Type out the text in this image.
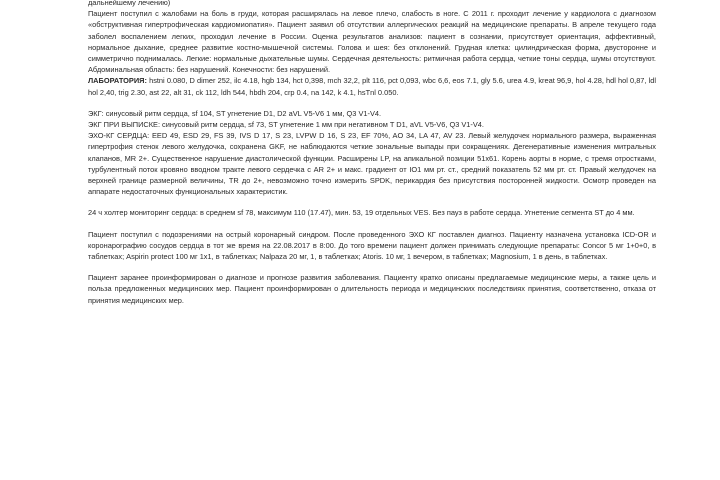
дальнейшему лечению)

Пациент поступил с жалобами на боль в груди, которая расширялась на левое плечо, слабость в ноге. С 2011 г. проходит лечение у кардиолога с диагнозом «обструктивная гипертрофическая кардиомиопатия». Пациент заявил об отсутствии аллергических реакций на медицинские препараты. В апреле текущего года заболел воспалением легких, проходил лечение в России. Оценка результатов анализов: пациент в сознании, присутствует ориентация, аффективный, нормальное дыхание, среднее развитие костно-мышечной системы. Голова и шея: без отклонений. Грудная клетка: цилиндрическая форма, двусторонне и симметрично поднималась. Легкие: нормальные дыхательные шумы. Сердечная деятельность: ритмичная работа сердца, четкие тоны сердца, шумы отсутствуют. Абдоминальная область: без нарушений. Конечности: без нарушений.

ЛАБОРАТОРИЯ: hstni 0.080, D dimer 252, ilc 4.18, hgb 134, hct 0,398, mch 32,2, plt 116, pct 0,093, wbc 6,6, eos 7.1, gly 5.6, urea 4.9, kreat 96,9, hol 4.28, hdl hol 0,87, ldl hol 2,40, trig 2.30, ast 22, alt 31, ck 112, ldh 544, hbdh 204, crp 0.4, na 142, k 4.1, hsTnl 0.050.

ЭКГ: синусовый ритм сердца, sf 104, ST угнетение D1, D2 aVL V5-V6 1 мм, Q3 V1-V4.

ЭКГ ПРИ ВЫПИСКЕ: синусовый ритм сердца, sf 73, ST угнетение 1 мм при негативном T D1, aVL V5-V6, Q3 V1-V4.

ЭХО-КГ СЕРДЦА: EED 49, ESD 29, FS 39, IVS D 17, S 23, LVPW D 16, S 23, EF 70%, AO 34, LA 47, AV 23. Левый желудочек нормального размера, выраженная гипертрофия стенок левого желудочка, сохранена GKF, не наблюдаются четкие зональные выпады при сокращениях. Дегенеративные изменения митральных клапанов, MR 2+. Существенное нарушение диастолической функции. Расширены LP, на апикальной позиции 51x61. Корень аорты в норме, с тремя отростками, турбулентный поток кровяно вводном тракте левого сердечка с AR 2+ и макс. градиент от IO1 мм рт. ст., средний показатель 52 мм рт. ст. Правый желудочек на верхней границе размерной величины, TR до 2+, невозможно точно измерить SPDK, перикардия без присутствия посторонней жидкости. Осмотр проведен на аппарате недостаточных функциональных характеристик.

24 ч холтер мониторинг сердца: в среднем sf 78, максимум 110 (17.47), мин. 53, 19 отдельных VES. Без пауз в работе сердца. Угнетение сегмента ST до 4 мм.

Пациент поступил с подозрениями на острый коронарный синдром. После проведенного ЭХО КГ поставлен диагноз. Пациенту назначена установка ICD-OR и коронарографию сосудов сердца в тот же время на 22.08.2017 в 8:00. До того времени пациент должен принимать следующие препараты: Concor 5 мг 1+0+0, в таблетках; Aspirin protect 100 мг 1x1, в таблетках; Nalpaza 20 мг, 1, в таблетках; Atoris. 10 мг, 1 вечером, в таблетках; Magnosium, 1 в день, в таблетках.

Пациент заранее проинформирован о диагнозе и прогнозе развития заболевания. Пациенту кратко описаны предлагаемые медицинские меры, а также цель и польза предложенных медицинских мер. Пациент проинформирован о длительность периода и медицинских последствиях принятия, соответственно, отказа от принятия медицинских мер.
